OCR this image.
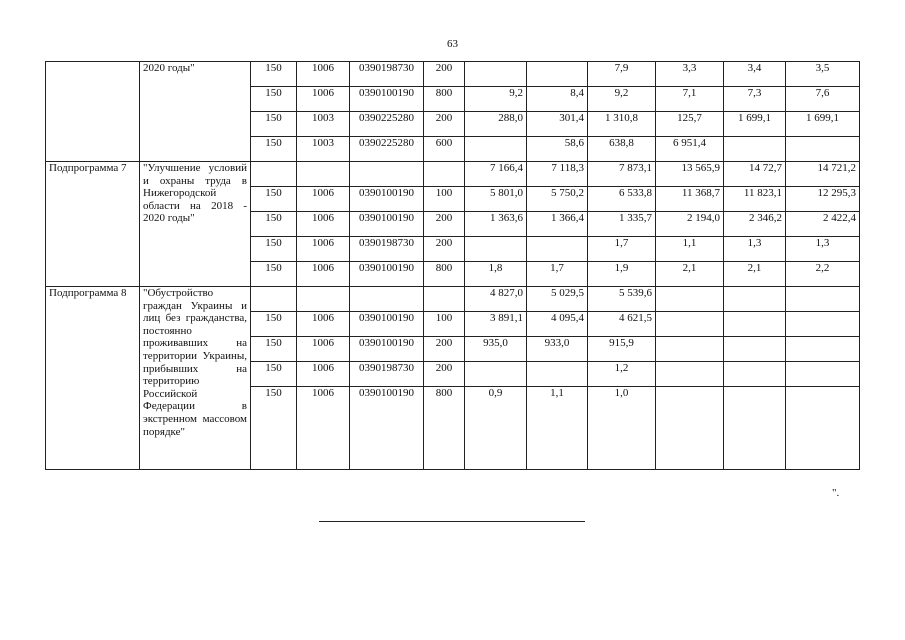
63
	2020 годы"	150	1006	0390198730	200			7,9	3,3	3,4	3,5
		150	1006	0390100190	800	9,2	8,4	9,2	7,1	7,3	7,6
		150	1003	0390225280	200	288,0	301,4	1 310,8	125,7	1 699,1	1 699,1
		150	1003	0390225280	600		58,6	638,8	6 951,4		
Подпрограмма 7	"Улучшение условий и охраны труда в Нижегородской области на 2018 - 2020 годы"					7 166,4	7 118,3	7 873,1	13 565,9	14 72,7	14 721,2
		150	1006	0390100190	100	5 801,0	5 750,2	6 533,8	11 368,7	11 823,1	12 295,3
		150	1006	0390100190	200	1 363,6	1 366,4	1 335,7	2 194,0	2 346,2	2 422,4
		150	1006	0390198730	200			1,7	1,1	1,3	1,3
		150	1006	0390100190	800	1,8	1,7	1,9	2,1	2,1	2,2
Подпрограмма 8	"Обустройство граждан Украины и лиц без гражданства, постоянно проживавших на территории Украины, прибывших на территорию Российской Федерации в экстренном массовом порядке"					4 827,0	5 029,5	5 539,6			
		150	1006	0390100190	100	3 891,1	4 095,4	4 621,5			
		150	1006	0390100190	200	935,0	933,0	915,9			
		150	1006	0390198730	200			1,2			
		150	1006	0390100190	800	0,9	1,1	1,0			
".
